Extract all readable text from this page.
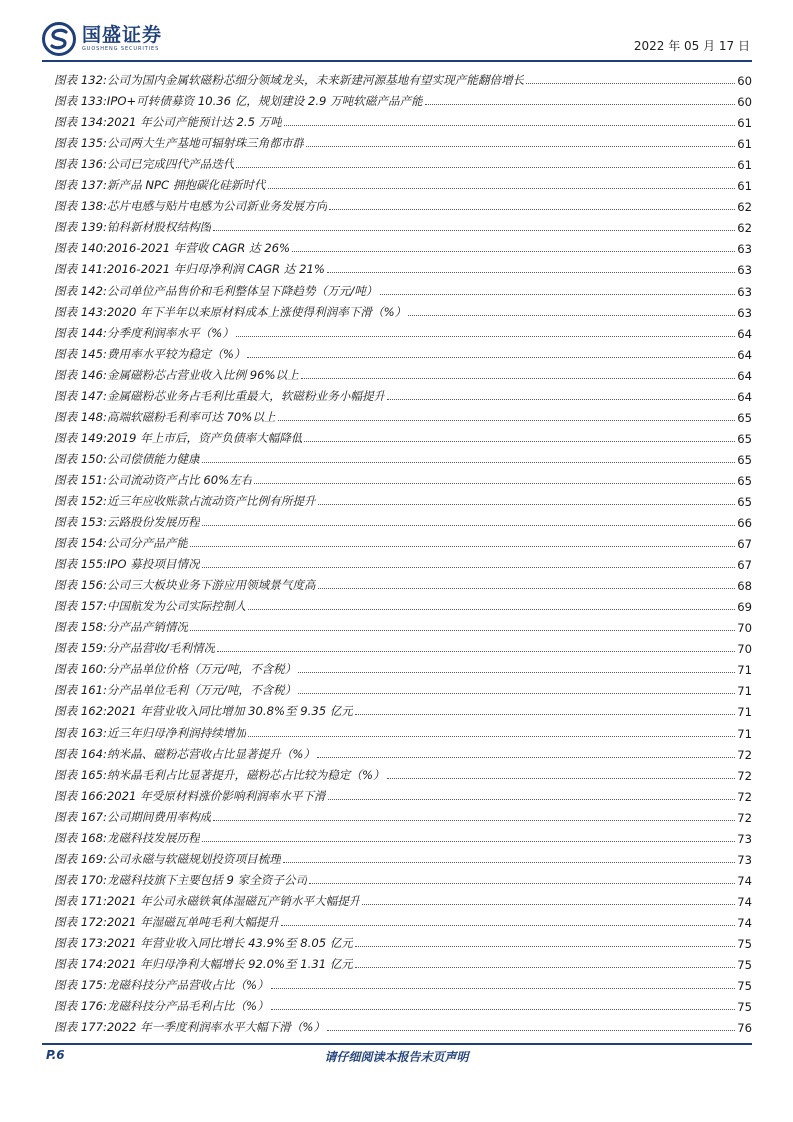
国盛证券
GUOSHENG SECURITIES	2022 年 05 月 17 日
图表 132: 公司为国内金属软磁粉芯细分领域龙头，未来新建河源基地有望实现产能翻倍增长	60
图表 133: IPO+可转债募资 10.36 亿，规划建设 2.9 万吨软磁产品产能	60
图表 134: 2021 年公司产能预计达 2.5 万吨	61
图表 135: 公司两大生产基地可辐射珠三角都市群	61
图表 136: 公司已完成四代产品迭代	61
图表 137: 新产品 NPC 拥抱碳化硅新时代	61
图表 138: 芯片电感与贴片电感为公司新业务发展方向	62
图表 139: 铂科新材股权结构图	62
图表 140: 2016-2021 年营收 CAGR 达 26%	63
图表 141: 2016-2021 年归母净利润 CAGR 达 21%	63
图表 142: 公司单位产品售价和毛利整体呈下降趋势（万元/吨）	63
图表 143: 2020 年下半年以来原材料成本上涨使得利润率下滑（%）	63
图表 144: 分季度利润率水平（%）	64
图表 145: 费用率水平较为稳定（%）	64
图表 146: 金属磁粉芯占营业收入比例 96%以上	64
图表 147: 金属磁粉芯业务占毛利比重最大，软磁粉业务小幅提升	64
图表 148: 高端软磁粉毛利率可达 70%以上	65
图表 149: 2019 年上市后，资产负债率大幅降低	65
图表 150: 公司偿债能力健康	65
图表 151: 公司流动资产占比 60%左右	65
图表 152: 近三年应收账款占流动资产比例有所提升	65
图表 153: 云路股份发展历程	66
图表 154: 公司分产品产能	67
图表 155: IPO 募投项目情况	67
图表 156: 公司三大板块业务下游应用领域景气度高	68
图表 157: 中国航发为公司实际控制人	69
图表 158: 分产品产销情况	70
图表 159: 分产品营收/毛利情况	70
图表 160: 分产品单位价格（万元/吨，不含税）	71
图表 161: 分产品单位毛利（万元/吨，不含税）	71
图表 162: 2021 年营业收入同比增加 30.8%至 9.35 亿元	71
图表 163: 近三年归母净利润持续增加	71
图表 164: 纳米晶、磁粉芯营收占比显著提升（%）	72
图表 165: 纳米晶毛利占比显著提升，磁粉芯占比较为稳定（%）	72
图表 166: 2021 年受原材料涨价影响利润率水平下滑	72
图表 167: 公司期间费用率构成	72
图表 168: 龙磁科技发展历程	73
图表 169: 公司永磁与软磁规划投资项目梳理	73
图表 170: 龙磁科技旗下主要包括 9 家全资子公司	74
图表 171: 2021 年公司永磁铁氧体湿磁瓦产销水平大幅提升	74
图表 172: 2021 年湿磁瓦单吨毛利大幅提升	74
图表 173: 2021 年营业收入同比增长 43.9%至 8.05 亿元	75
图表 174: 2021 年归母净利大幅增长 92.0%至 1.31 亿元	75
图表 175: 龙磁科技分产品营收占比（%）	75
图表 176: 龙磁科技分产品毛利占比（%）	75
图表 177: 2022 年一季度利润率水平大幅下滑（%）	76
P.6	请仔细阅读本报告末页声明
